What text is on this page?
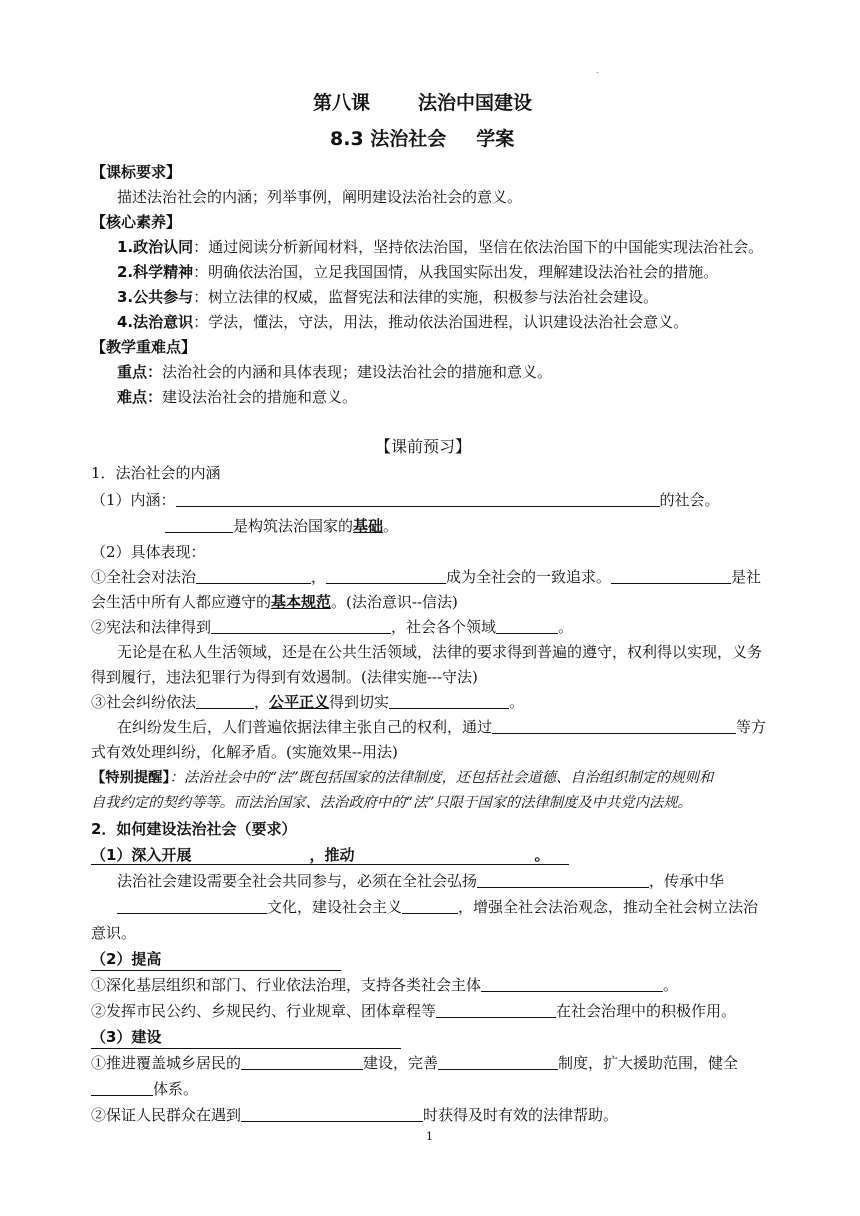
.
第八课	法治中国建设
8.3 法治社会 学案
【课标要求】
描述法治社会的内涵；列举事例，阐明建设法治社会的意义。
【核心素养】
1.政治认同：通过阅读分析新闻材料，坚持依法治国，坚信在依法治国下的中国能实现法治社会。
2.科学精神：明确依法治国，立足我国国情，从我国实际出发，理解建设法治社会的措施。
3.公共参与：树立法律的权威，监督宪法和法律的实施，积极参与法治社会建设。
4.法治意识：学法，懂法，守法，用法，推动依法治国进程，认识建设法治社会意义。
【教学重难点】
重点：法治社会的内涵和具体表现；建设法治社会的措施和意义。
难点：建设法治社会的措施和意义。
【课前预习】
1．法治社会的内涵
（1）内涵：	的社会。
是构筑法治国家的基础。
（2）具体表现：
①全社会对法治	，	成为全社会的一致追求。	是社
会生活中所有人都应遵守的基本规范。(法治意识--信法)
②宪法和法律得到	，社会各个领域	。
无论是在私人生活领域，还是在公共生活领域，法律的要求得到普遍的遵守，权利得以实现，义务
得到履行，违法犯罪行为得到有效遏制。(法律实施---守法)
③社会纠纷依法	，公平正义得到切实	。
在纠纷发生后，人们普遍依据法律主张自己的权利，通过	等方
式有效处理纠纷，化解矛盾。(实施效果--用法)
【特别提醒】：法治社会中的“法”既包括国家的法律制度，还包括社会道德、自治组织制定的规则和
自我约定的契约等等。而法治国家、法治政府中的“法”只限于国家的法律制度及中共党内法规。
2．如何建设法治社会（要求）
（1）深入开展	，推动	。
法治社会建设需要全社会共同参与，必须在全社会弘扬	，传承中华
文化，建设社会主义	，增强全社会法治观念，推动全社会树立法治
意识。
（2）提高
①深化基层组织和部门、行业依法治理，支持各类社会主体	。
②发挥市民公约、乡规民约、行业规章、团体章程等	在社会治理中的积极作用。
（3）建设
①推进覆盖城乡居民的	建设，完善	制度，扩大援助范围，健全
体系。
②保证人民群众在遇到	时获得及时有效的法律帮助。
1
